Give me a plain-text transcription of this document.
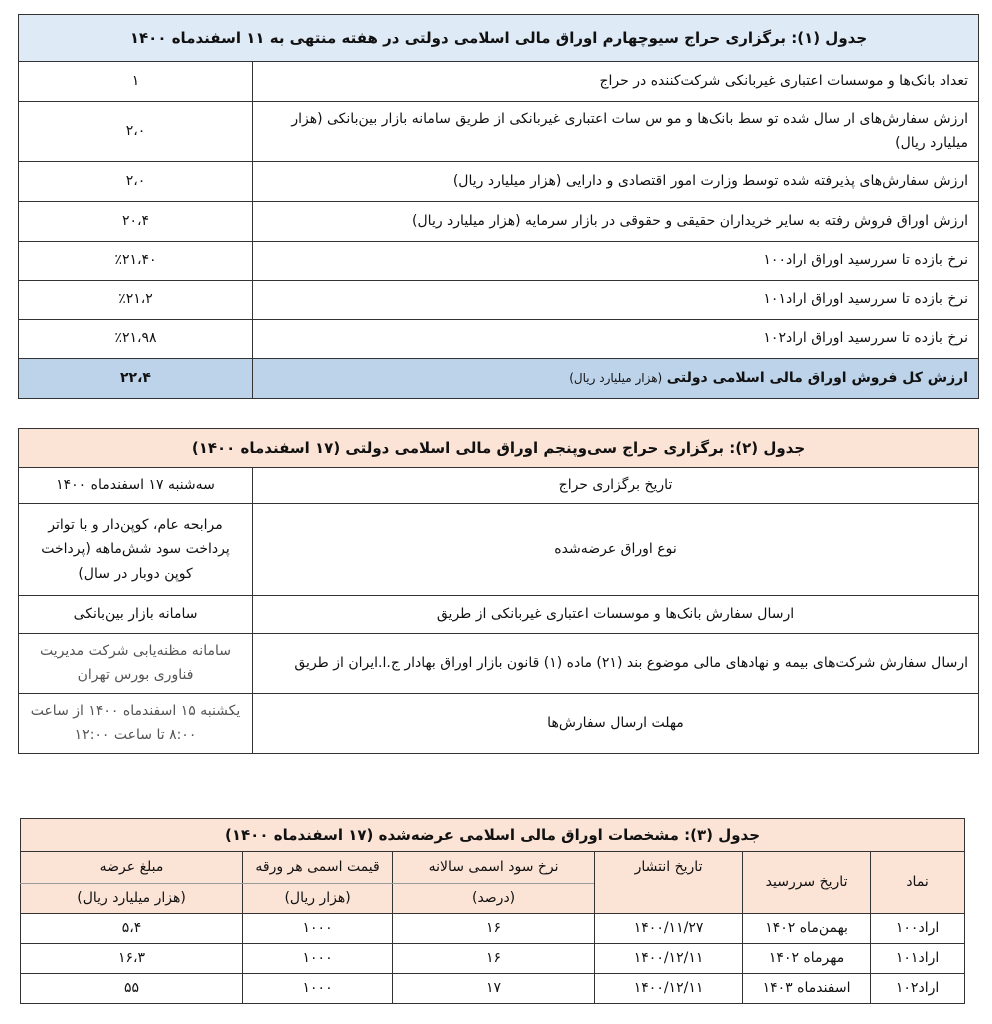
جدول (۱): برگزاری حراج سیوچهارم اوراق مالی اسلامی دولتی در هفته منتهی به ۱۱ اسفندماه ۱۴۰۰	
تعداد بانک‌ها و موسسات اعتباری غیربانکی شرکت‌کننده در حراج	۱
ارزش سفارش‌های ار سال شده تو سط بانک‌ها و مو س سات اعتباری غیربانکی از طریق سامانه بازار بین‌بانکی (هزار میلیارد ریال)	۲،۰
ارزش سفارش‌های پذیرفته شده توسط وزارت امور اقتصادی و دارایی (هزار میلیارد ریال)	۲،۰
ارزش اوراق فروش رفته به سایر خریداران حقیقی و حقوقی در بازار سرمایه (هزار میلیارد ریال)	۲۰،۴
نرخ بازده تا سررسید اوراق اراد۱۰۰	٪۲۱،۴۰
نرخ بازده تا سررسید اوراق اراد۱۰۱	٪۲۱،۲
نرخ بازده تا سررسید اوراق اراد۱۰۲	٪۲۱،۹۸
ارزش کل فروش اوراق مالی اسلامی دولتی (هزار میلیارد ریال)	۲۲،۴
جدول (۲): برگزاری حراج سی‌وپنجم اوراق مالی اسلامی دولتی (۱۷ اسفندماه ۱۴۰۰)	
تاریخ برگزاری حراج	سه‌شنبه ۱۷ اسفندماه ۱۴۰۰
نوع اوراق عرضه‌شده	مرابحه عام، کوپن‌دار و با تواتر پرداخت سود شش‌ماهه (پرداخت کوپن دوبار در سال)
ارسال سفارش بانک‌ها و موسسات اعتباری غیربانکی از طریق	سامانه بازار بین‌بانکی
ارسال سفارش شرکت‌های بیمه و نهادهای مالی موضوع بند (۲۱) ماده (۱) قانون بازار اوراق بهادار ج.ا.ایران از طریق	سامانه مظنه‌یابی شرکت مدیریت فناوری بورس تهران
مهلت ارسال سفارش‌ها	یکشنبه ۱۵ اسفندماه ۱۴۰۰ از ساعت ۸:۰۰ تا ساعت ۱۲:۰۰
جدول (۳): مشخصات اوراق مالی اسلامی عرضه‌شده (۱۷ اسفندماه ۱۴۰۰)					
نماد	تاریخ سررسید	تاریخ انتشار	نرخ سود اسمی سالانه	قیمت اسمی هر ورقه	مبلغ عرضه
			(درصد)	(هزار ریال)	(هزار میلیارد ریال)
اراد۱۰۰	بهمن‌ماه ۱۴۰۲	۱۴۰۰/۱۱/۲۷	۱۶	۱۰۰۰	۵،۴
اراد۱۰۱	مهرماه ۱۴۰۲	۱۴۰۰/۱۲/۱۱	۱۶	۱۰۰۰	۱۶،۳
اراد۱۰۲	اسفندماه ۱۴۰۳	۱۴۰۰/۱۲/۱۱	۱۷	۱۰۰۰	۵۵
